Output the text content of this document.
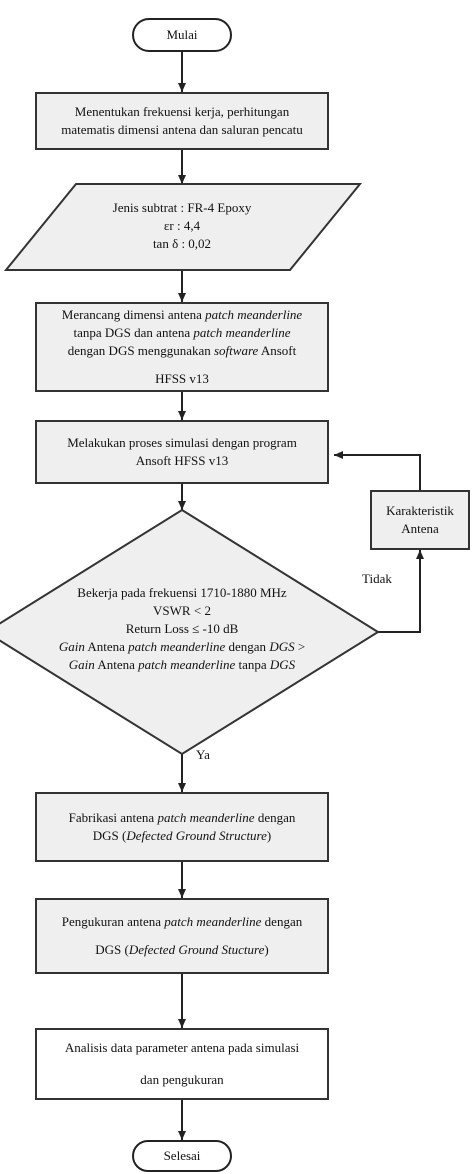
Mulai
Menentukan frekuensi kerja, perhitungan
matematis dimensi antena dan saluran pencatu
Jenis subtrat : FR-4 Epoxy
εr : 4,4
tan δ : 0,02
Merancang dimensi antena patch meanderline
tanpa DGS dan antena patch meanderline
dengan DGS menggunakan software Ansoft
HFSS v13
Melakukan proses simulasi dengan program
Ansoft HFSS v13
Karakteristik
Antena
Bekerja pada frekuensi 1710-1880 MHz
VSWR < 2
Return Loss ≤ -10 dB
Gain Antena patch meanderline dengan DGS >
Gain Antena patch meanderline tanpa DGS
Tidak
Ya
Fabrikasi antena patch meanderline dengan
DGS (Defected Ground Structure)
Pengukuran antena patch meanderline dengan
DGS (Defected Ground Stucture)
Analisis data parameter antena pada simulasi
dan pengukuran
Selesai
